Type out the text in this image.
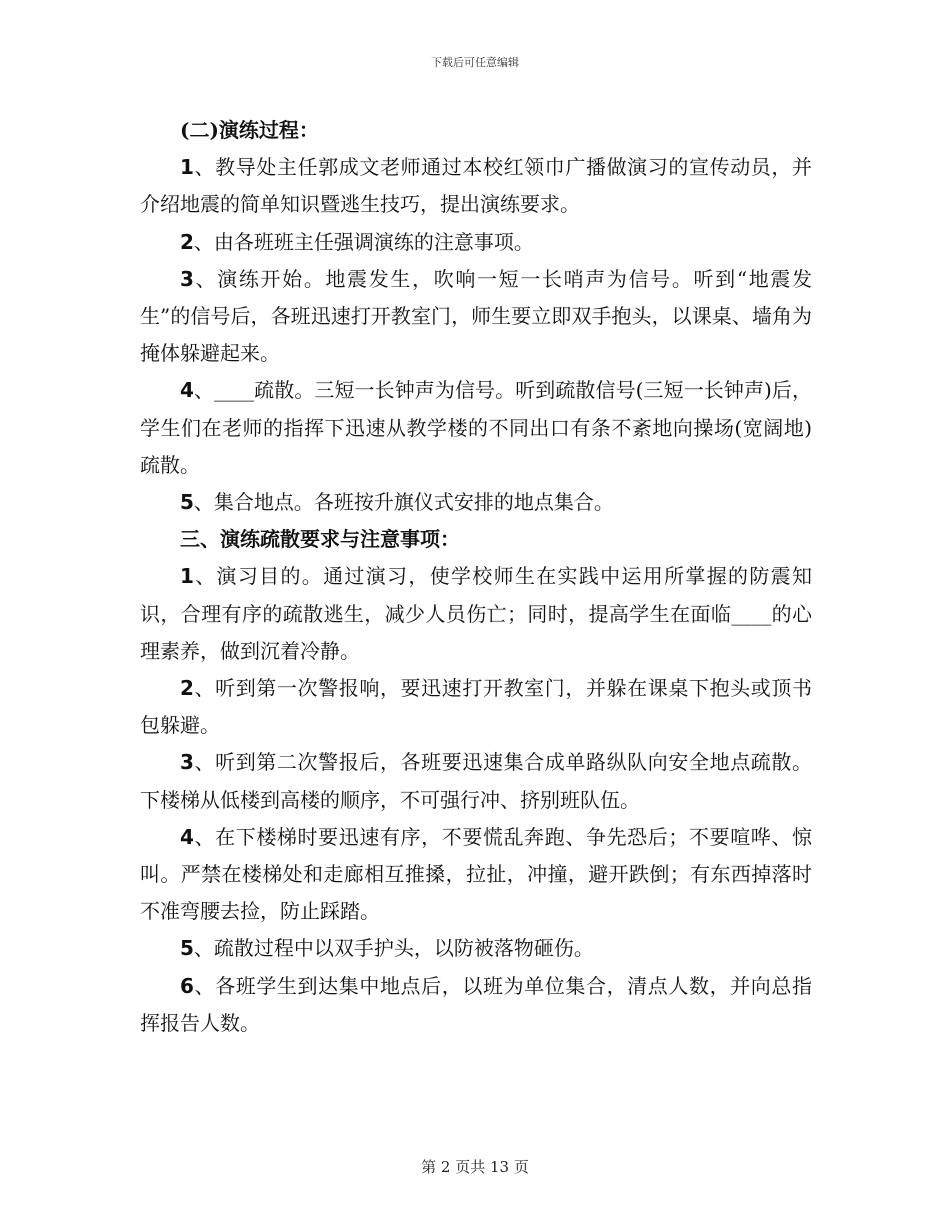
下载后可任意编辑

(二)演练过程：

1、教导处主任郭成文老师通过本校红领巾广播做演习的宣传动员，并介绍地震的简单知识暨逃生技巧，提出演练要求。

2、由各班班主任强调演练的注意事项。

3、演练开始。地震发生，吹响一短一长哨声为信号。听到“地震发生”的信号后，各班迅速打开教室门，师生要立即双手抱头，以课桌、墙角为掩体躲避起来。

4、____疏散。三短一长钟声为信号。听到疏散信号(三短一长钟声)后，学生们在老师的指挥下迅速从教学楼的不同出口有条不紊地向操场(宽阔地)疏散。

5、集合地点。各班按升旗仪式安排的地点集合。

三、演练疏散要求与注意事项：

1、演习目的。通过演习，使学校师生在实践中运用所掌握的防震知识，合理有序的疏散逃生，减少人员伤亡；同时，提高学生在面临____的心理素养，做到沉着冷静。

2、听到第一次警报响，要迅速打开教室门，并躲在课桌下抱头或顶书包躲避。

3、听到第二次警报后，各班要迅速集合成单路纵队向安全地点疏散。下楼梯从低楼到高楼的顺序，不可强行冲、挤别班队伍。

4、在下楼梯时要迅速有序，不要慌乱奔跑、争先恐后；不要喧哗、惊叫。严禁在楼梯处和走廊相互推搡，拉扯，冲撞，避开跌倒；有东西掉落时不准弯腰去捡，防止踩踏。

5、疏散过程中以双手护头，以防被落物砸伤。

6、各班学生到达集中地点后，以班为单位集合，清点人数，并向总指挥报告人数。

第 2 页共 13 页
